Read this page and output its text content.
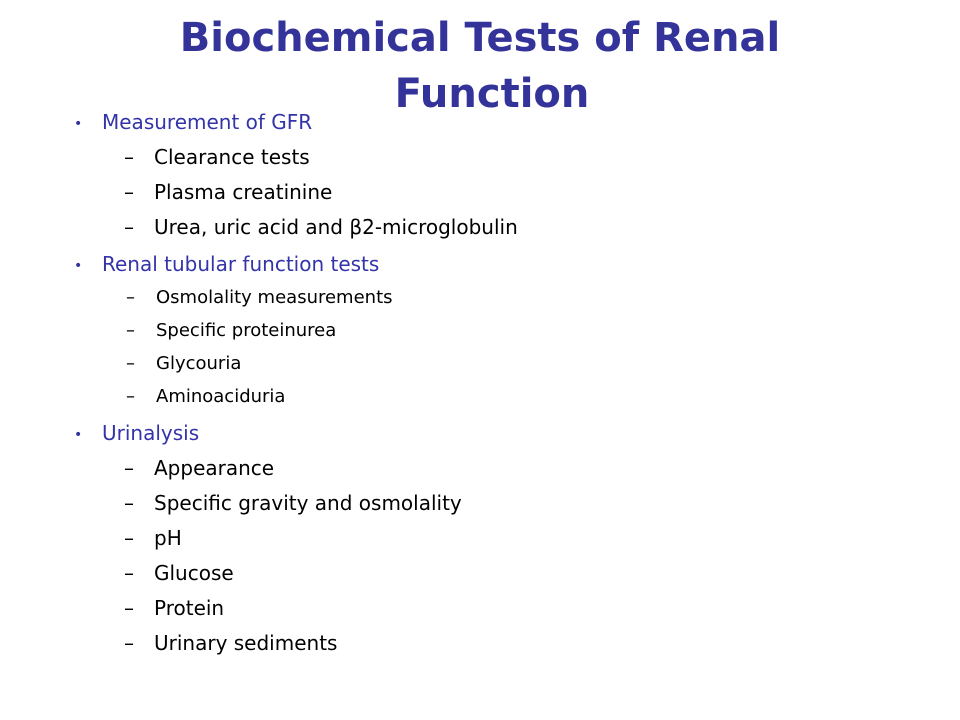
Biochemical Tests of Renal
Function
• Measurement of GFR
– Clearance tests
– Plasma creatinine
– Urea, uric acid and β2-microglobulin
• Renal tubular function tests
– Osmolality measurements
– Specific proteinurea
– Glycouria
– Aminoaciduria
• Urinalysis
– Appearance
– Specific gravity and osmolality
– pH
– Glucose
– Protein
– Urinary sediments
